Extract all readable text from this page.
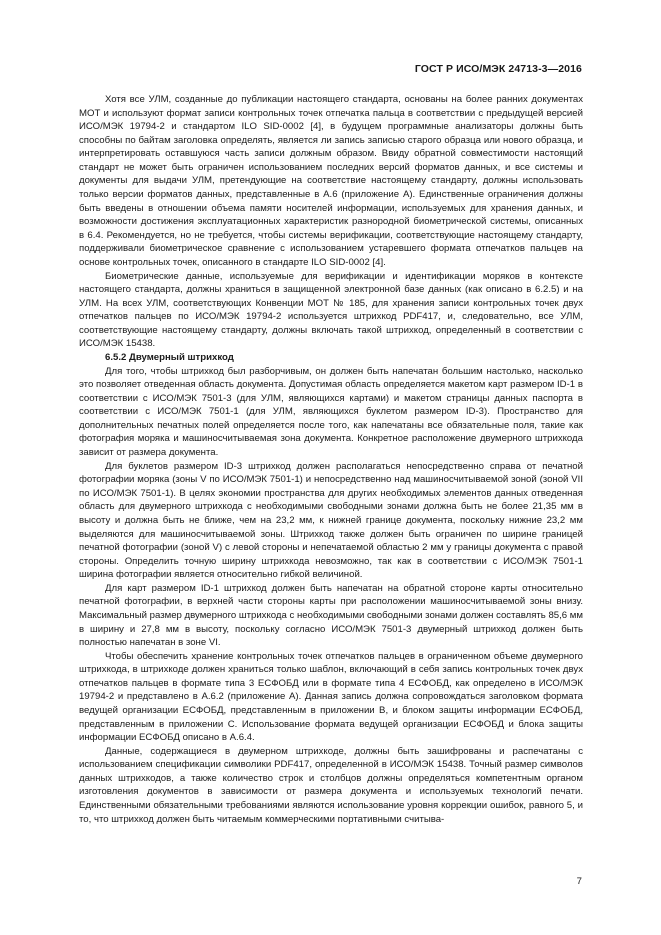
ГОСТ Р ИСО/МЭК 24713-3—2016

Хотя все УЛМ, созданные до публикации настоящего стандарта, основаны на более ранних документах МОТ и используют формат записи контрольных точек отпечатка пальца в соответствии с предыдущей версией ИСО/МЭК 19794-2 и стандартом ILO SID-0002 [4], в будущем программные анализаторы должны быть способны по байтам заголовка определять, является ли запись записью старого образца или нового образца, и интерпретировать оставшуюся часть записи должным образом. Ввиду обратной совместимости настоящий стандарт не может быть ограничен использованием последних версий форматов данных, и все системы и документы для выдачи УЛМ, претендующие на соответствие настоящему стандарту, должны использовать только версии форматов данных, представленные в А.6 (приложение А). Единственные ограничения должны быть введены в отношении объема памяти носителей информации, используемых для хранения данных, и возможности достижения эксплуатационных характеристик разнородной биометрической системы, описанных в 6.4. Рекомендуется, но не требуется, чтобы системы верификации, соответствующие настоящему стандарту, поддерживали биометрическое сравнение с использованием устаревшего формата отпечатков пальцев на основе контрольных точек, описанного в стандарте ILO SID-0002 [4].

Биометрические данные, используемые для верификации и идентификации моряков в контексте настоящего стандарта, должны храниться в защищенной электронной базе данных (как описано в 6.2.5) и на УЛМ. На всех УЛМ, соответствующих Конвенции МОТ № 185, для хранения записи контрольных точек двух отпечатков пальцев по ИСО/МЭК 19794-2 используется штрихкод PDF417, и, следовательно, все УЛМ, соответствующие настоящему стандарту, должны включать такой штрихкод, определенный в соответствии с ИСО/МЭК 15438.

6.5.2 Двумерный штрихкод

Для того, чтобы штрихкод был разборчивым, он должен быть напечатан большим настолько, насколько это позволяет отведенная область документа. Допустимая область определяется макетом карт размером ID-1 в соответствии с ИСО/МЭК 7501-3 (для УЛМ, являющихся картами) и макетом страницы данных паспорта в соответствии с ИСО/МЭК 7501-1 (для УЛМ, являющихся буклетом размером ID-3). Пространство для дополнительных печатных полей определяется после того, как напечатаны все обязательные поля, такие как фотография моряка и машиносчитываемая зона документа. Конкретное расположение двумерного штрихкода зависит от размера документа.

Для буклетов размером ID-3 штрихкод должен располагаться непосредственно справа от печатной фотографии моряка (зоны V по ИСО/МЭК 7501-1) и непосредственно над машиносчитываемой зоной (зоной VII по ИСО/МЭК 7501-1). В целях экономии пространства для других необходимых элементов данных отведенная область для двумерного штрихкода с необходимыми свободными зонами должна быть не более 21,35 мм в высоту и должна быть не ближе, чем на 23,2 мм, к нижней границе документа, поскольку нижние 23,2 мм выделяются для машиносчитываемой зоны. Штрихкод также должен быть ограничен по ширине границей печатной фотографии (зоной V) с левой стороны и непечатаемой областью 2 мм у границы документа с правой стороны. Определить точную ширину штрихкода невозможно, так как в соответствии с ИСО/МЭК 7501-1 ширина фотографии является относительно гибкой величиной.

Для карт размером ID-1 штрихкод должен быть напечатан на обратной стороне карты относительно печатной фотографии, в верхней части стороны карты при расположении машиносчитываемой зоны внизу. Максимальный размер двумерного штрихкода с необходимыми свободными зонами должен составлять 85,6 мм в ширину и 27,8 мм в высоту, поскольку согласно ИСО/МЭК 7501-3 двумерный штрихкод должен быть полностью напечатан в зоне VI.

Чтобы обеспечить хранение контрольных точек отпечатков пальцев в ограниченном объеме двумерного штрихкода, в штрихкоде должен храниться только шаблон, включающий в себя запись контрольных точек двух отпечатков пальцев в формате типа 3 ЕСФОБД или в формате типа 4 ЕСФОБД, как определено в ИСО/МЭК 19794-2 и представлено в А.6.2 (приложение А). Данная запись должна сопровождаться заголовком формата ведущей организации ЕСФОБД, представленным в приложении В, и блоком защиты информации ЕСФОБД, представленным в приложении С. Использование формата ведущей организации ЕСФОБД и блока защиты информации ЕСФОБД описано в А.6.4.

Данные, содержащиеся в двумерном штрихкоде, должны быть зашифрованы и распечатаны с использованием спецификации символики PDF417, определенной в ИСО/МЭК 15438. Точный размер символов данных штрихкодов, а также количество строк и столбцов должны определяться компетентным органом изготовления документов в зависимости от размера документа и используемых технологий печати. Единственными обязательными требованиями являются использование уровня коррекции ошибок, равного 5, и то, что штрихкод должен быть читаемым коммерческими портативными считыва-

7
